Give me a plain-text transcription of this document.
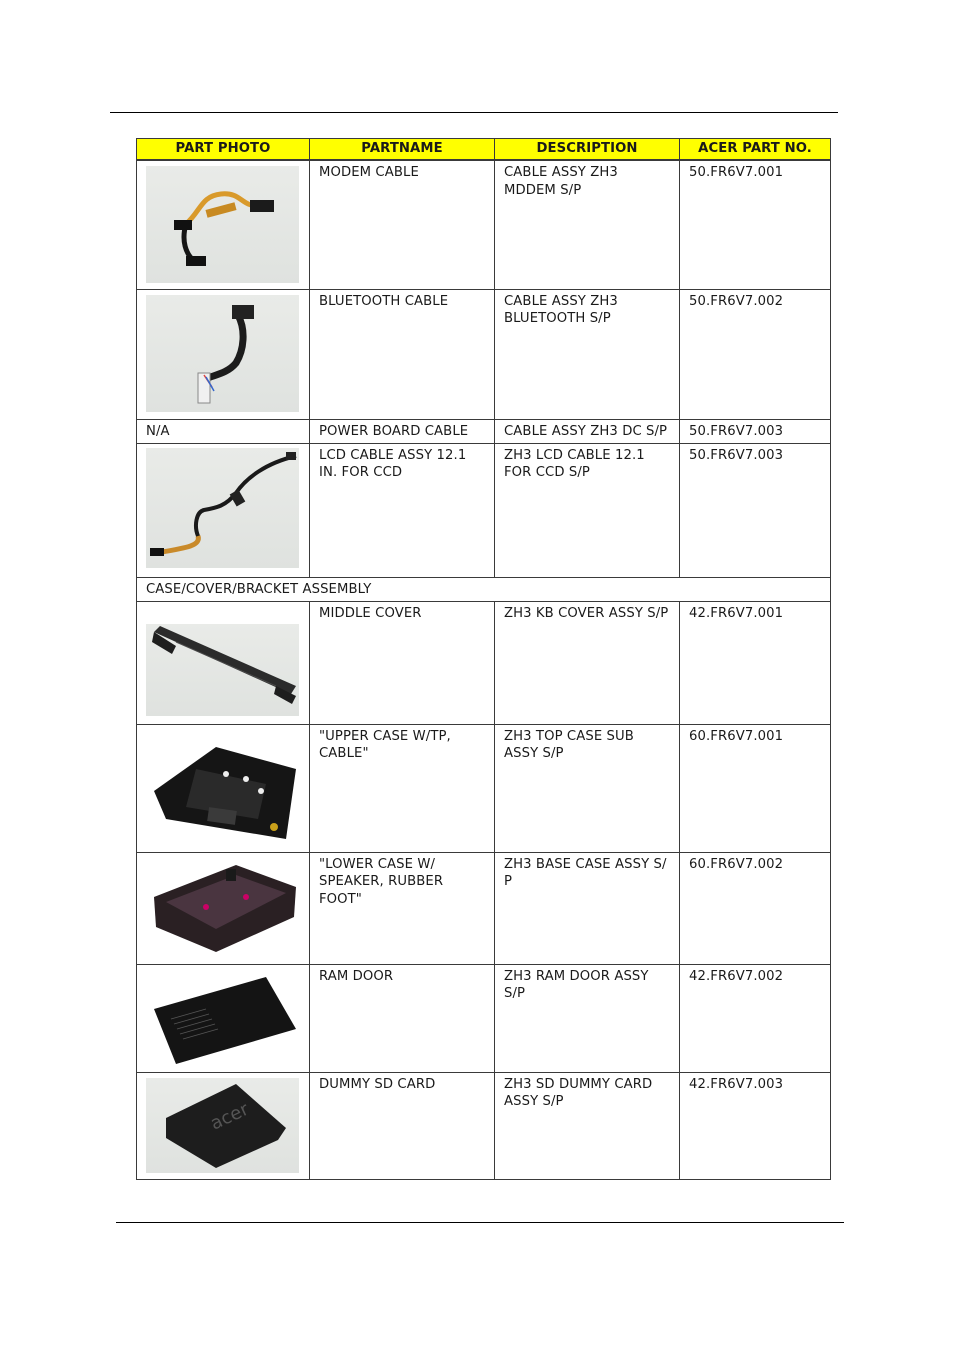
PART PHOTO	PARTNAME	DESCRIPTION	ACER PART NO.

	MODEM CABLE	CABLE ASSY ZH3 MDDEM S/P	50.FR6V7.001

	BLUETOOTH CABLE	CABLE ASSY ZH3 BLUETOOTH S/P	50.FR6V7.002
N/A	POWER BOARD CABLE	CABLE ASSY ZH3 DC S/P	50.FR6V7.003

	LCD CABLE ASSY 12.1 IN. FOR CCD	ZH3 LCD CABLE 12.1 FOR CCD S/P	50.FR6V7.003
CASE/COVER/BRACKET ASSEMBLY			

	MIDDLE COVER	ZH3 KB COVER ASSY S/P	42.FR6V7.001

	"UPPER CASE W/TP, CABLE"	ZH3 TOP CASE SUB ASSY S/P	60.FR6V7.001

	"LOWER CASE W/ SPEAKER, RUBBER FOOT"	ZH3 BASE CASE ASSY S/ P	60.FR6V7.002

	RAM DOOR	ZH3 RAM DOOR ASSY S/P	42.FR6V7.002

acer	DUMMY SD CARD	ZH3 SD DUMMY CARD ASSY S/P	42.FR6V7.003
